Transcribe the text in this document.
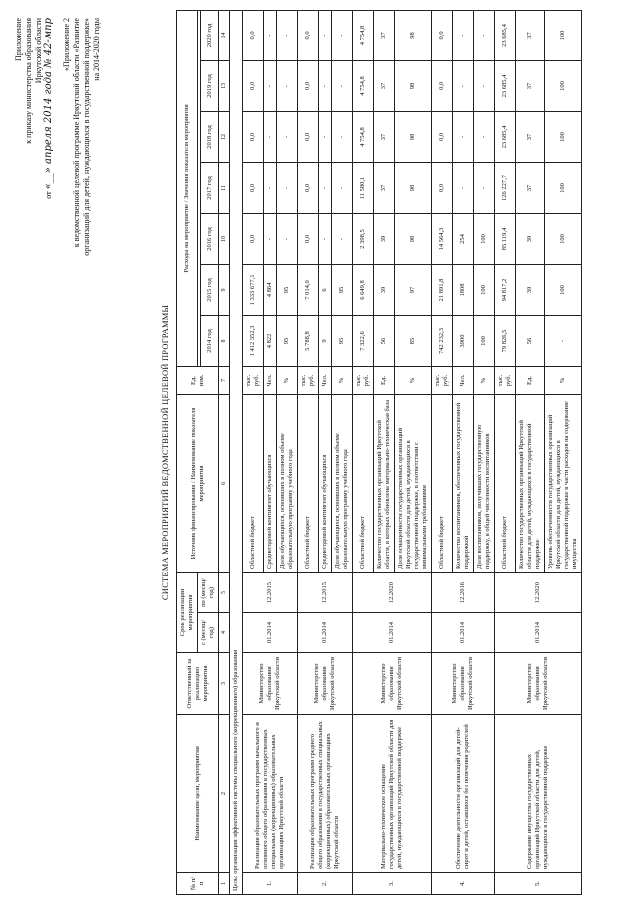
Приложение к приказу министерства образования Иркутской области
от «__» апреля 2014 года № 42-мпр «Приложение 2 к ведомственной целевой программе Иркутской области «Развитие организаций для детей, нуждающихся в государственной поддержке» на 2014-2020 годы
СИСТЕМА МЕРОПРИЯТИЙ ВЕДОМСТВЕННОЙ ЦЕЛЕВОЙ ПРОГРАММЫ
№ п/п	Наименование цели, мероприятия	Ответственный за реализацию мероприятия	Срок реализации мероприятия		Источник финансирования / Наименование показателя мероприятия	Ед. изм.	Расходы на мероприятие / Значения показателя мероприятия						
			с (месяц/год)	по (месяц/год)									
							2014 год	2015 год	2016 год	2017 год	2018 год	2019 год	2020 год
1	2	3	4	5	6	7	8	9	10	11	12	13	14
Цель: организация эффективной системы специального (коррекционного) образования													
1.	Реализация образовательных программ начального и основного общего образования в государственных специальных (коррекционных) образовательных организациях Иркутской области	Министерство образования Иркутской области	01.2014	12.2015	Областной бюджет	тыс. руб.	1 412 352,3	1 333 677,1	0,0	0,0	0,0	0,0	0,0
					Среднегодовой контингент обучающихся	Чел.	4 822	4 864	-	-	-	-	-
					Доля обучающихся, освоивших в полном объеме образовательную программу учебного года	%	95	95	-	-	-	-	-
2.	Реализация образовательных программ среднего общего образования в государственных специальных (коррекционных) образовательных организациях Иркутской области	Министерство образования Иркутской области	01.2014	12.2015	Областной бюджет	тыс. руб.	5 788,8	7 014,0	0,0	0,0	0,0	0,0	0,0
					Среднегодовой контингент обучающихся	Чел.	9	6	-	-	-	-	-
					Доля обучающихся, освоивших в полном объеме образовательную программу учебного года	%	95	95	-	-	-	-	-
3.	Материально-техническое оснащение государственных организаций Иркутской области для детей, нуждающихся в государственной поддержке	Министерство образования Иркутской области	01.2014	12.2020	Областной бюджет	тыс. руб.	7 322,6	6 649,8	2 398,5	11 580,1	4 754,8	4 754,8	4 754,8
					Количество государственных организаций Иркутской области, в которых обновлена материально-техническая база	Ед.	56	39	39	37	37	37	37
					Доля оснащенности государственных организаций Иркутской области для детей, нуждающихся в государственной поддержке, в соответствии с минимальными требованиями	%	85	97	98	98	98	98	98
4.	Обеспечение деятельности организаций для детей-сирот и детей, оставшихся без попечения родителей	Министерство образования Иркутской области	01.2014	12.2016	Областной бюджет	тыс. руб.	742 232,3	21 891,8	14 564,3	0,0	0,0	0,0	0,0
					Количество воспитанников, обеспеченных государственной поддержкой	Чел.	3900	1808	254	-	-	-	-
					Доля воспитанников, получивших государственную поддержку, в общей численности воспитанников	%	100	100	100	-	-	-	-
5.	Содержание имущества государственных организаций Иркутской области для детей, нуждающихся в государственной поддержке	Министерство образования Иркутской области	01.2014	12.2020	Областной бюджет	тыс. руб.	79 826,5	94 817,2	85 119,4	126 227,7	23 685,4	23 685,4	23 685,4
					Количество государственных организаций Иркутской области для детей, нуждающихся в государственной поддержке	Ед.	56	39	39	37	37	37	37
					Уровень обеспеченности государственных организаций Иркутской области для детей, нуждающихся в государственной поддержке в части расходов на содержание имущества	%	-	100	100	100	100	100	100
